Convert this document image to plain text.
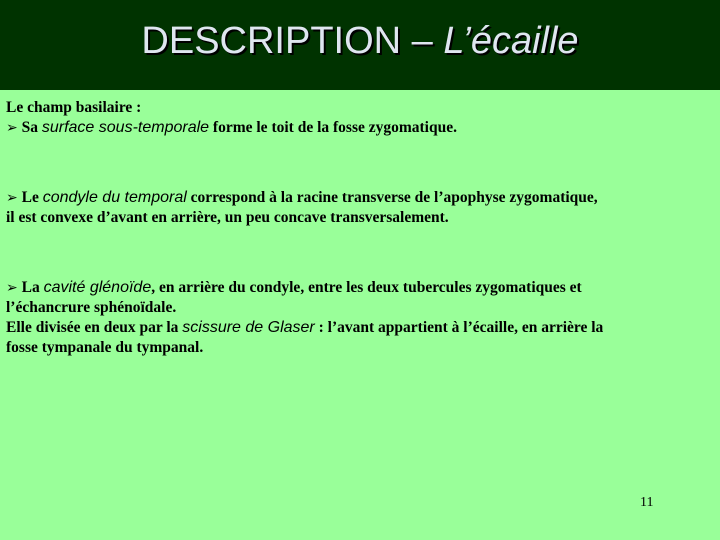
DESCRIPTION – L’écaille

Le champ basilaire :

➢ Sa surface sous-temporale forme le toit de la fosse zygomatique.

➢ Le condyle du temporal correspond à la racine transverse de l’apophyse zygomatique,
il est convexe d’avant en arrière, un peu concave transversalement.

➢ La cavité glénoïde, en arrière du condyle, entre les deux tubercules zygomatiques et
l’échancrure sphénoïdale.
Elle divisée en deux par la scissure de Glaser : l’avant appartient à l’écaille, en arrière la
fosse tympanale du tympanal.

11
